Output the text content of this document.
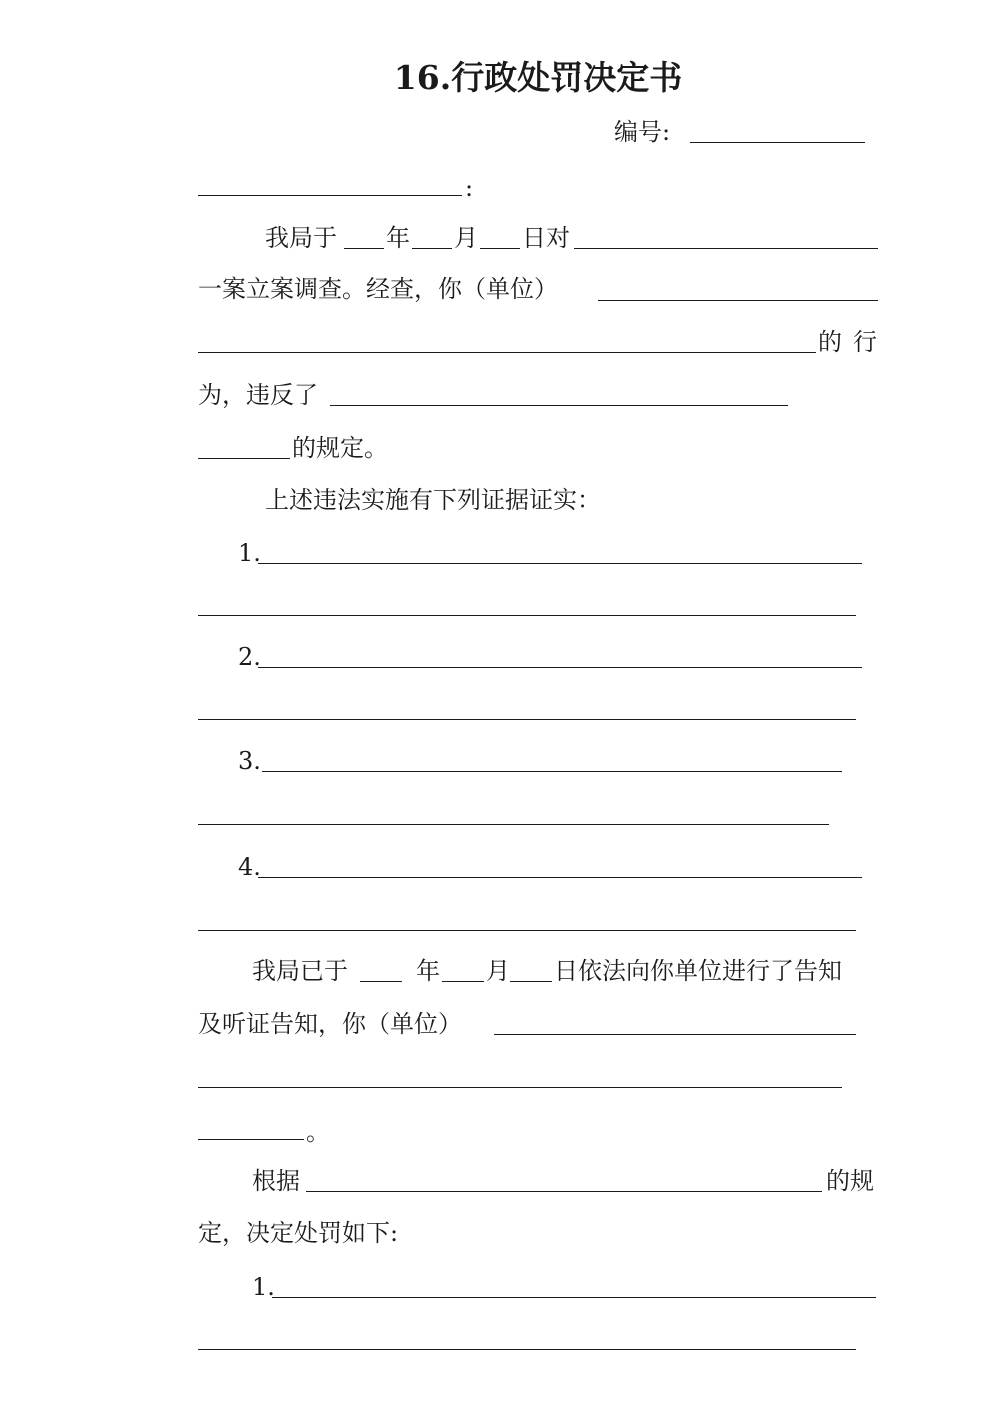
16.行政处罚决定书
编号:
:
我局于 年 月 日对
一案立案调查。经查，你（单位）
的 行
为，违反了
的规定。
上述违法实施有下列证据证实：
1.
2.
3.
4.
我局已于	年 月 日依法向你单位进行了告知
及听证告知，你（单位）
。
根据	的规
定，决定处罚如下:
1.
